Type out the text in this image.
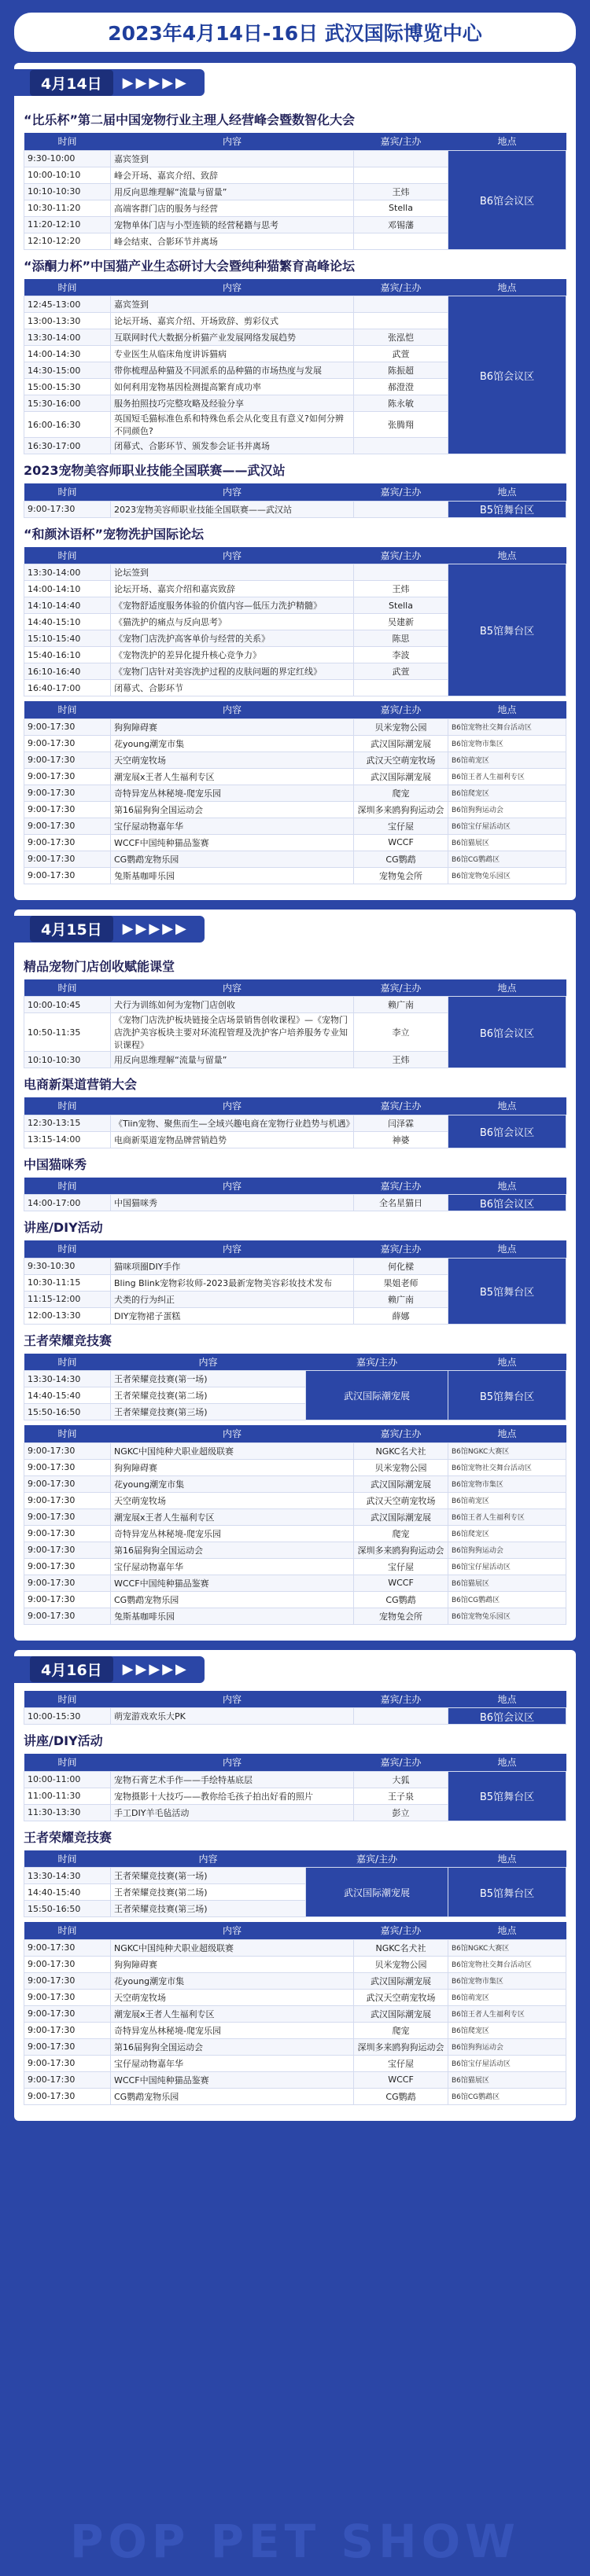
2023年4月14日-16日 武汉国际博览中心
4月14日	▶▶▶▶▶
“比乐杯”第二届中国宠物行业主理人经营峰会暨数智化大会
时间	内容	嘉宾/主办	地点
9:30-10:00	嘉宾签到		B6馆会议区
10:00-10:10	峰会开场、嘉宾介绍、致辞		
10:10-10:30	用反向思维理解“流量与留量”	王炜	
10:30-11:20	高端客群门店的服务与经营	Stella	
11:20-12:10	宠物单体门店与小型连锁的经营秘籍与思考	邓锡藩	
12:10-12:20	峰会结束、合影环节并离场		
“添酮力杯”中国猫产业生态研讨大会暨纯种猫繁育高峰论坛
时间	内容	嘉宾/主办	地点
12:45-13:00	嘉宾签到		B6馆会议区
13:00-13:30	论坛开场、嘉宾介绍、开场致辞、剪彩仪式		
13:30-14:00	互联网时代大数据分析猫产业发展网络发展趋势	张泓恺	
14:00-14:30	专业医生从临床角度讲诉猫病	武萱	
14:30-15:00	带你梳理品种猫及不同派系的品种猫的市场热度与发展	陈振超	
15:00-15:30	如何利用宠物基因检测提高繁育成功率	郝澄澄	
15:30-16:00	服务拍照技巧完整攻略及经验分享	陈永敏	
16:00-16:30	英国短毛猫标准色系和特殊色系会从化变且有意义?如何分辨不同颜色?	张腾翔	
16:30-17:00	闭幕式、合影环节、颁发参会证书并离场		
2023宠物美容师职业技能全国联赛——武汉站
时间	内容	嘉宾/主办	地点
9:00-17:30	2023宠物美容师职业技能全国联赛——武汉站		B5馆舞台区
“和颜沐语杯”宠物洗护国际论坛
时间	内容	嘉宾/主办	地点
13:30-14:00	论坛签到		B5馆舞台区
14:00-14:10	论坛开场、嘉宾介绍和嘉宾致辞	王炜	
14:10-14:40	《宠物舒适度服务体验的价值内容—低压力洗护精髓》	Stella	
14:40-15:10	《猫洗护的痛点与反向思考》	吴建新	
15:10-15:40	《宠物门店洗护高客单价与经营的关系》	陈思	
15:40-16:10	《宠物洗护的差异化提升核心竞争力》	李波	
16:10-16:40	《宠物门店针对美容洗护过程的皮肤问题的界定红线》	武萱	
16:40-17:00	闭幕式、合影环节		
时间	内容	嘉宾/主办	地点
9:00-17:30	狗狗障碍赛	贝米宠物公园	B6馆宠物社交舞台活动区
9:00-17:30	花young潮宠市集	武汉国际潮宠展	B6馆宠物市集区
9:00-17:30	天空萌宠牧场	武汉天空萌宠牧场	B6馆萌宠区
9:00-17:30	潮宠展x王者人生福利专区	武汉国际潮宠展	B6馆王者人生福利专区
9:00-17:30	奇特异宠丛林秘境-爬宠乐园	爬宠	B6馆爬宠区
9:00-17:30	第16届狗狗全国运动会	深圳多来鸥狗狗运动会	B6馆狗狗运动会
9:00-17:30	宝仔屋动物嘉年华	宝仔屋	B6馆宝仔屋活动区
9:00-17:30	WCCF中国纯种猫品鉴赛	WCCF	B6馆猫展区
9:00-17:30	CG鹦鹉宠物乐园	CG鹦鹉	B6馆CG鹦鹉区
9:00-17:30	兔斯基咖啡乐园	宠物兔会所	B6馆宠物兔乐园区
4月15日	▶▶▶▶▶
精品宠物门店创收赋能课堂
时间	内容	嘉宾/主办	地点
10:00-10:45	犬行为训练如何为宠物门店创收	赖广南	B6馆会议区
10:50-11:35	《宠物门店洗护板块链接全店场景销售创收课程》—《宠物门店洗护美容板块主要对环流程管理及洗护客户培养服务专业知识课程》	李立	
10:10-10:30	用反向思维理解“流量与留量”	王炜	
电商新渠道营销大会
时间	内容	嘉宾/主办	地点
12:30-13:15	《Tiin宠物、聚焦而生—全域兴趣电商在宠物行业趋势与机遇》	闫泽霖	B6馆会议区
13:15-14:00	电商新渠道宠物品牌营销趋势	神婆	
中国猫咪秀
时间	内容	嘉宾/主办	地点
14:00-17:00	中国猫咪秀	全名星猫日	B6馆会议区
讲座/DIY活动
时间	内容	嘉宾/主办	地点
9:30-10:30	猫咪项圈DIY手作	何化樑	B5馆舞台区
10:30-11:15	Bling Blink宠物彩妆师-2023最新宠物美容彩妆技术发布	果姐老师	
11:15-12:00	犬类的行为纠正	赖广南	
12:00-13:30	DIY宠物裙子蛋糕	薛娜	
王者荣耀竞技赛
时间	内容	嘉宾/主办	地点
13:30-14:30	王者荣耀竞技赛(第一场)	武汉国际潮宠展	B5馆舞台区
14:40-15:40	王者荣耀竞技赛(第二场)		
15:50-16:50	王者荣耀竞技赛(第三场)		
时间	内容	嘉宾/主办	地点
9:00-17:30	NGKC中国纯种犬职业超级联赛	NGKC名犬社	B6馆NGKC大赛区
9:00-17:30	狗狗障碍赛	贝米宠物公园	B6馆宠物社交舞台活动区
9:00-17:30	花young潮宠市集	武汉国际潮宠展	B6馆宠物市集区
9:00-17:30	天空萌宠牧场	武汉天空萌宠牧场	B6馆萌宠区
9:00-17:30	潮宠展x王者人生福利专区	武汉国际潮宠展	B6馆王者人生福利专区
9:00-17:30	奇特异宠丛林秘境-爬宠乐园	爬宠	B6馆爬宠区
9:00-17:30	第16届狗狗全国运动会	深圳多来鸥狗狗运动会	B6馆狗狗运动会
9:00-17:30	宝仔屋动物嘉年华	宝仔屋	B6馆宝仔屋活动区
9:00-17:30	WCCF中国纯种猫品鉴赛	WCCF	B6馆猫展区
9:00-17:30	CG鹦鹉宠物乐园	CG鹦鹉	B6馆CG鹦鹉区
9:00-17:30	兔斯基咖啡乐园	宠物兔会所	B6馆宠物兔乐园区
4月16日	▶▶▶▶▶
时间	内容	嘉宾/主办	地点
10:00-15:30	萌宠游戏欢乐大PK		B6馆会议区
讲座/DIY活动
时间	内容	嘉宾/主办	地点
10:00-11:00	宠物石膏艺术手作——手绘特基底层	大狐	B5馆舞台区
11:00-11:30	宠物摄影十大技巧——教你给毛孩子拍出好看的照片	王子泉	
11:30-13:30	手工DIY羊毛毡活动	彭立	
王者荣耀竞技赛
时间	内容	嘉宾/主办	地点
13:30-14:30	王者荣耀竞技赛(第一场)	武汉国际潮宠展	B5馆舞台区
14:40-15:40	王者荣耀竞技赛(第二场)		
15:50-16:50	王者荣耀竞技赛(第三场)		
时间	内容	嘉宾/主办	地点
9:00-17:30	NGKC中国纯种犬职业超级联赛	NGKC名犬社	B6馆NGKC大赛区
9:00-17:30	狗狗障碍赛	贝米宠物公园	B6馆宠物社交舞台活动区
9:00-17:30	花young潮宠市集	武汉国际潮宠展	B6馆宠物市集区
9:00-17:30	天空萌宠牧场	武汉天空萌宠牧场	B6馆萌宠区
9:00-17:30	潮宠展x王者人生福利专区	武汉国际潮宠展	B6馆王者人生福利专区
9:00-17:30	奇特异宠丛林秘境-爬宠乐园	爬宠	B6馆爬宠区
9:00-17:30	第16届狗狗全国运动会	深圳多来鸥狗狗运动会	B6馆狗狗运动会
9:00-17:30	宝仔屋动物嘉年华	宝仔屋	B6馆宝仔屋活动区
9:00-17:30	WCCF中国纯种猫品鉴赛	WCCF	B6馆猫展区
9:00-17:30	CG鹦鹉宠物乐园	CG鹦鹉	B6馆CG鹦鹉区
POP PET SHOW
